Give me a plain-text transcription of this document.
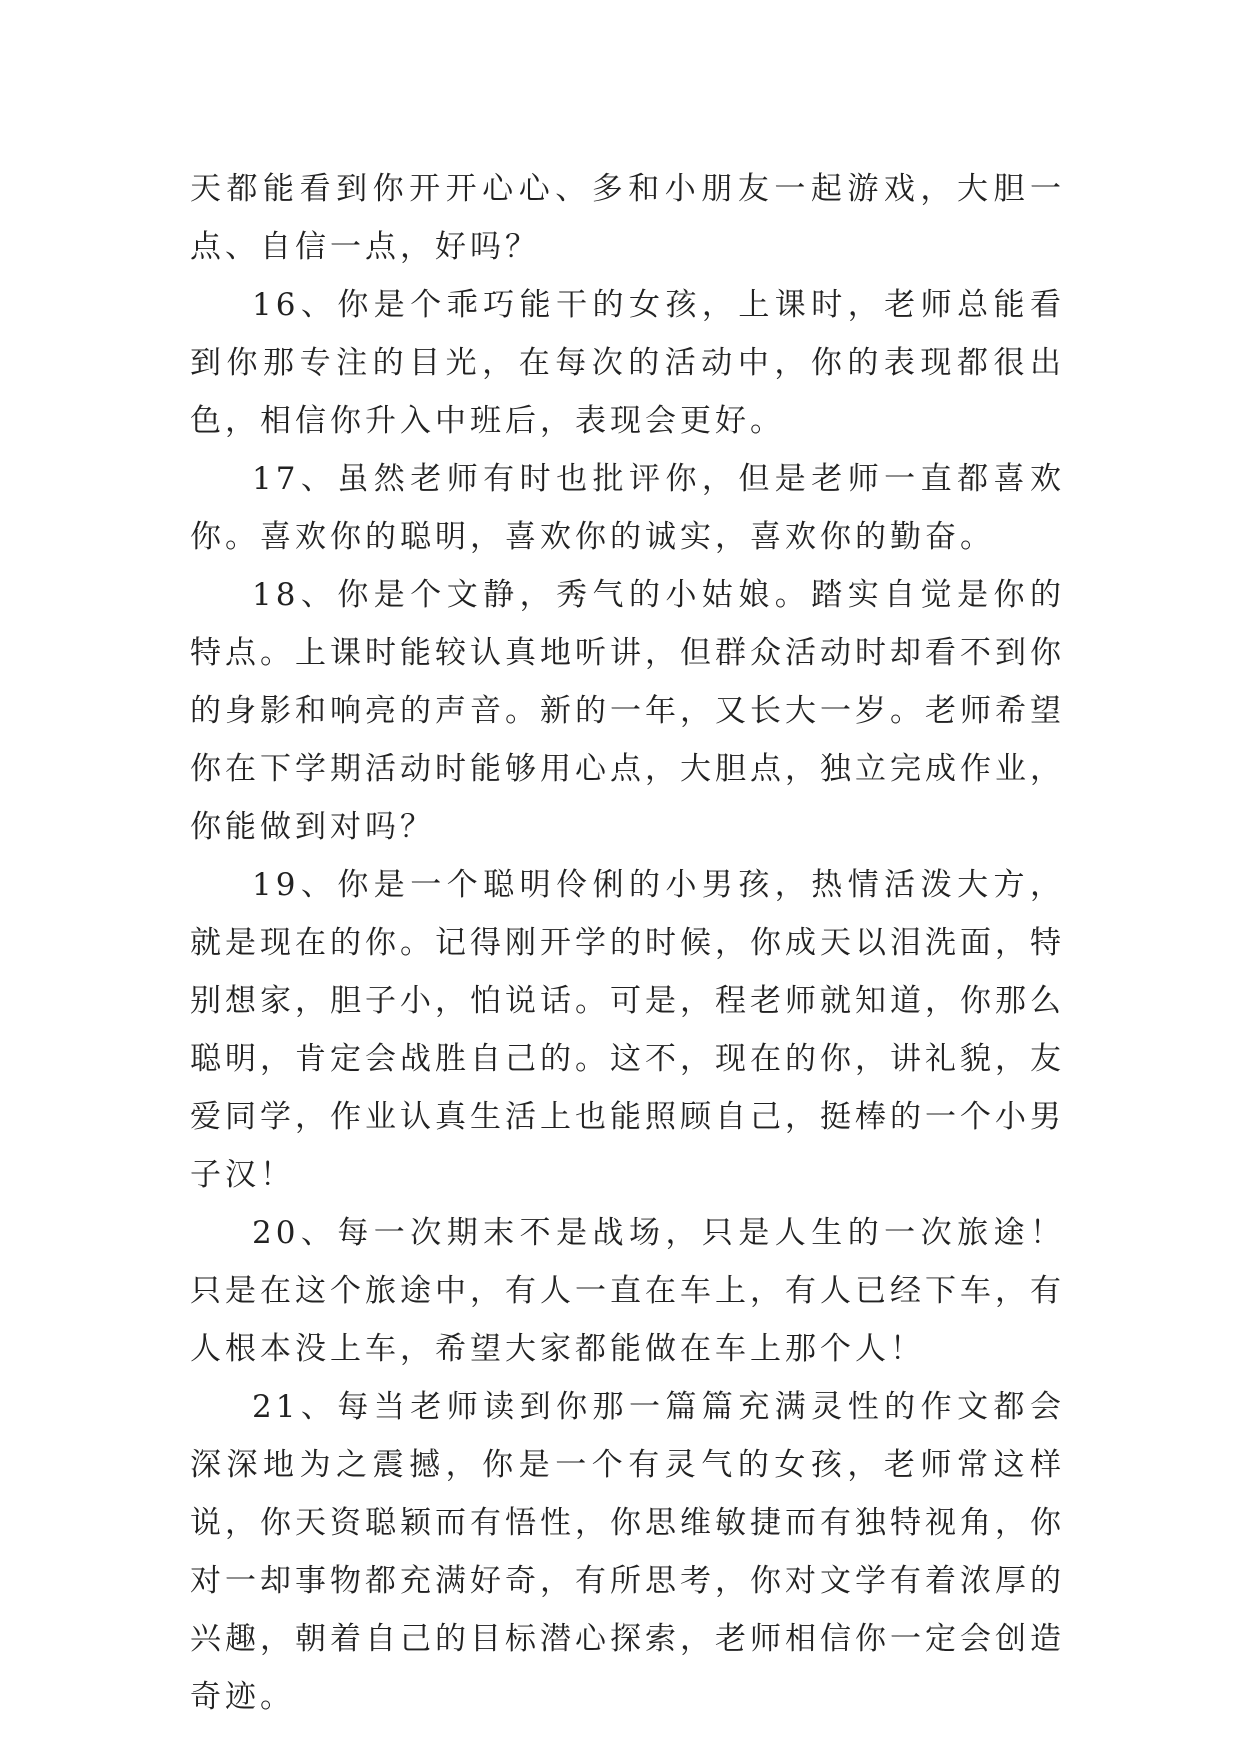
天都能看到你开开心心、多和小朋友一起游戏，大胆一点、自信一点，好吗？

16、你是个乖巧能干的女孩，上课时，老师总能看到你那专注的目光，在每次的活动中，你的表现都很出色，相信你升入中班后，表现会更好。

17、虽然老师有时也批评你，但是老师一直都喜欢你。喜欢你的聪明，喜欢你的诚实，喜欢你的勤奋。

18、你是个文静，秀气的小姑娘。踏实自觉是你的特点。上课时能较认真地听讲，但群众活动时却看不到你的身影和响亮的声音。新的一年，又长大一岁。老师希望你在下学期活动时能够用心点，大胆点，独立完成作业，你能做到对吗？

19、你是一个聪明伶俐的小男孩，热情活泼大方，就是现在的你。记得刚开学的时候，你成天以泪洗面，特别想家，胆子小，怕说话。可是，程老师就知道，你那么聪明，肯定会战胜自己的。这不，现在的你，讲礼貌，友爱同学，作业认真生活上也能照顾自己，挺棒的一个小男子汉！

20、每一次期末不是战场，只是人生的一次旅途！只是在这个旅途中，有人一直在车上，有人已经下车，有人根本没上车，希望大家都能做在车上那个人！

21、每当老师读到你那一篇篇充满灵性的作文都会深深地为之震撼，你是一个有灵气的女孩，老师常这样说，你天资聪颖而有悟性，你思维敏捷而有独特视角，你对一却事物都充满好奇，有所思考，你对文学有着浓厚的兴趣，朝着自己的目标潜心探索，老师相信你一定会创造奇迹。
